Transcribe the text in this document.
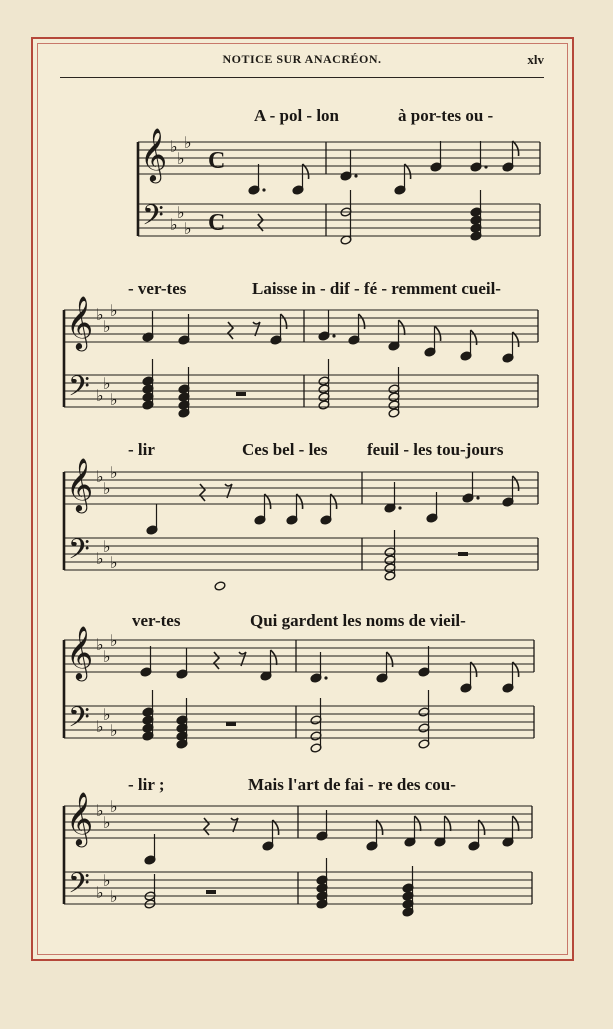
NOTICE SUR ANACRÉON.	xlv
A - pol - lon	à por-tes ou -
- ver-tes	Laisse in - dif - fé - remment cueil-
- lir	Ces bel - les feuil - les tou-jours
ver-tes	Qui gardent les noms de vieil-
- lir ;	Mais l'art de fai - re des cou-
𝄞
𝄢
♭
♭
♭
♭
♭
♭
C
C
𝄞
𝄢
♭
♭
♭
♭
♭
♭
𝄞
𝄢
♭
♭
♭
♭
♭
♭
𝄞
𝄢
♭
♭
♭
♭
♭
♭
𝄞
𝄢
♭
♭
♭
♭
♭
♭
